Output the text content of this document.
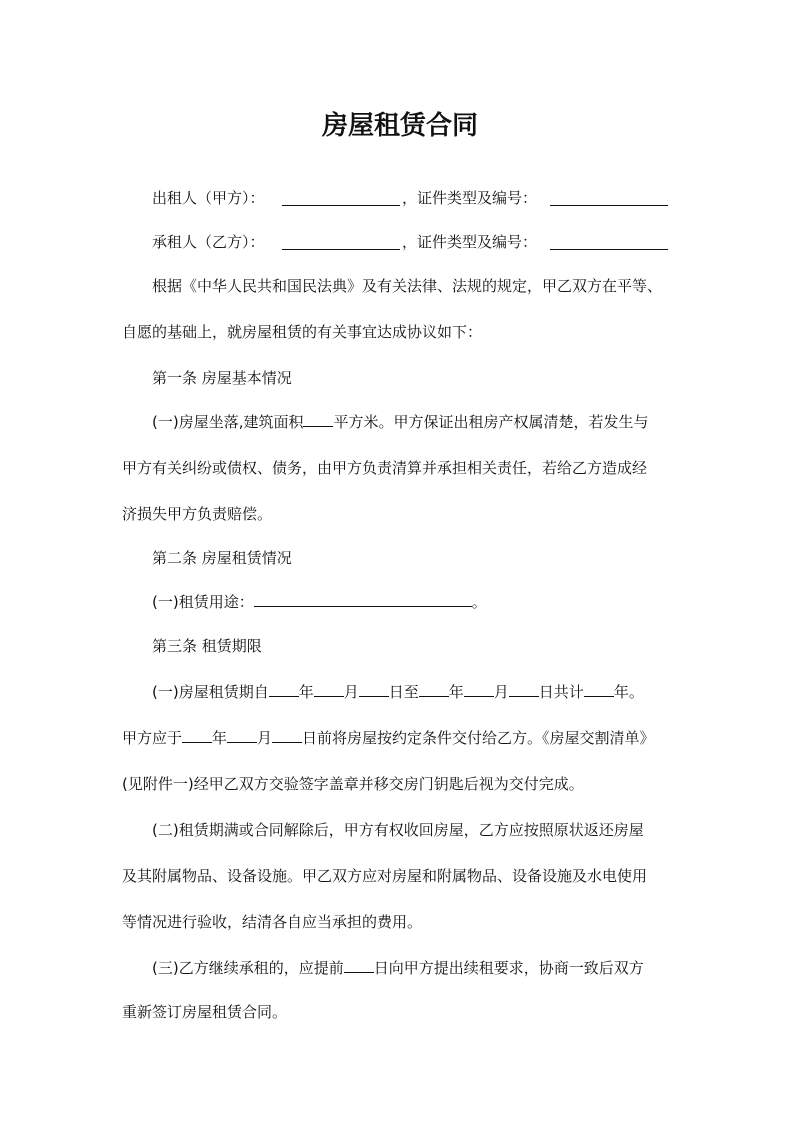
房屋租赁合同
出租人（甲方）：	，证件类型及编号：
承租人（乙方）：	，证件类型及编号：
根据《中华人民共和国民法典》及有关法律、法规的规定，甲乙双方在平等、
自愿的基础上，就房屋租赁的有关事宜达成协议如下：
第一条 房屋基本情况
(一)房屋坐落,建筑面积 平方米。甲方保证出租房产权属清楚，若发生与
甲方有关纠纷或债权、债务，由甲方负责清算并承担相关责任，若给乙方造成经
济损失甲方负责赔偿。
第二条 房屋租赁情况
(一)租赁用途：	。
第三条 租赁期限
(一)房屋租赁期自 年 月 日至 年 月 日共计 年。
甲方应于 年 月 日前将房屋按约定条件交付给乙方。《房屋交割清单》
(见附件一)经甲乙双方交验签字盖章并移交房门钥匙后视为交付完成。
(二)租赁期满或合同解除后，甲方有权收回房屋，乙方应按照原状返还房屋
及其附属物品、设备设施。甲乙双方应对房屋和附属物品、设备设施及水电使用
等情况进行验收，结清各自应当承担的费用。
(三)乙方继续承租的，应提前 日向甲方提出续租要求，协商一致后双方
重新签订房屋租赁合同。
